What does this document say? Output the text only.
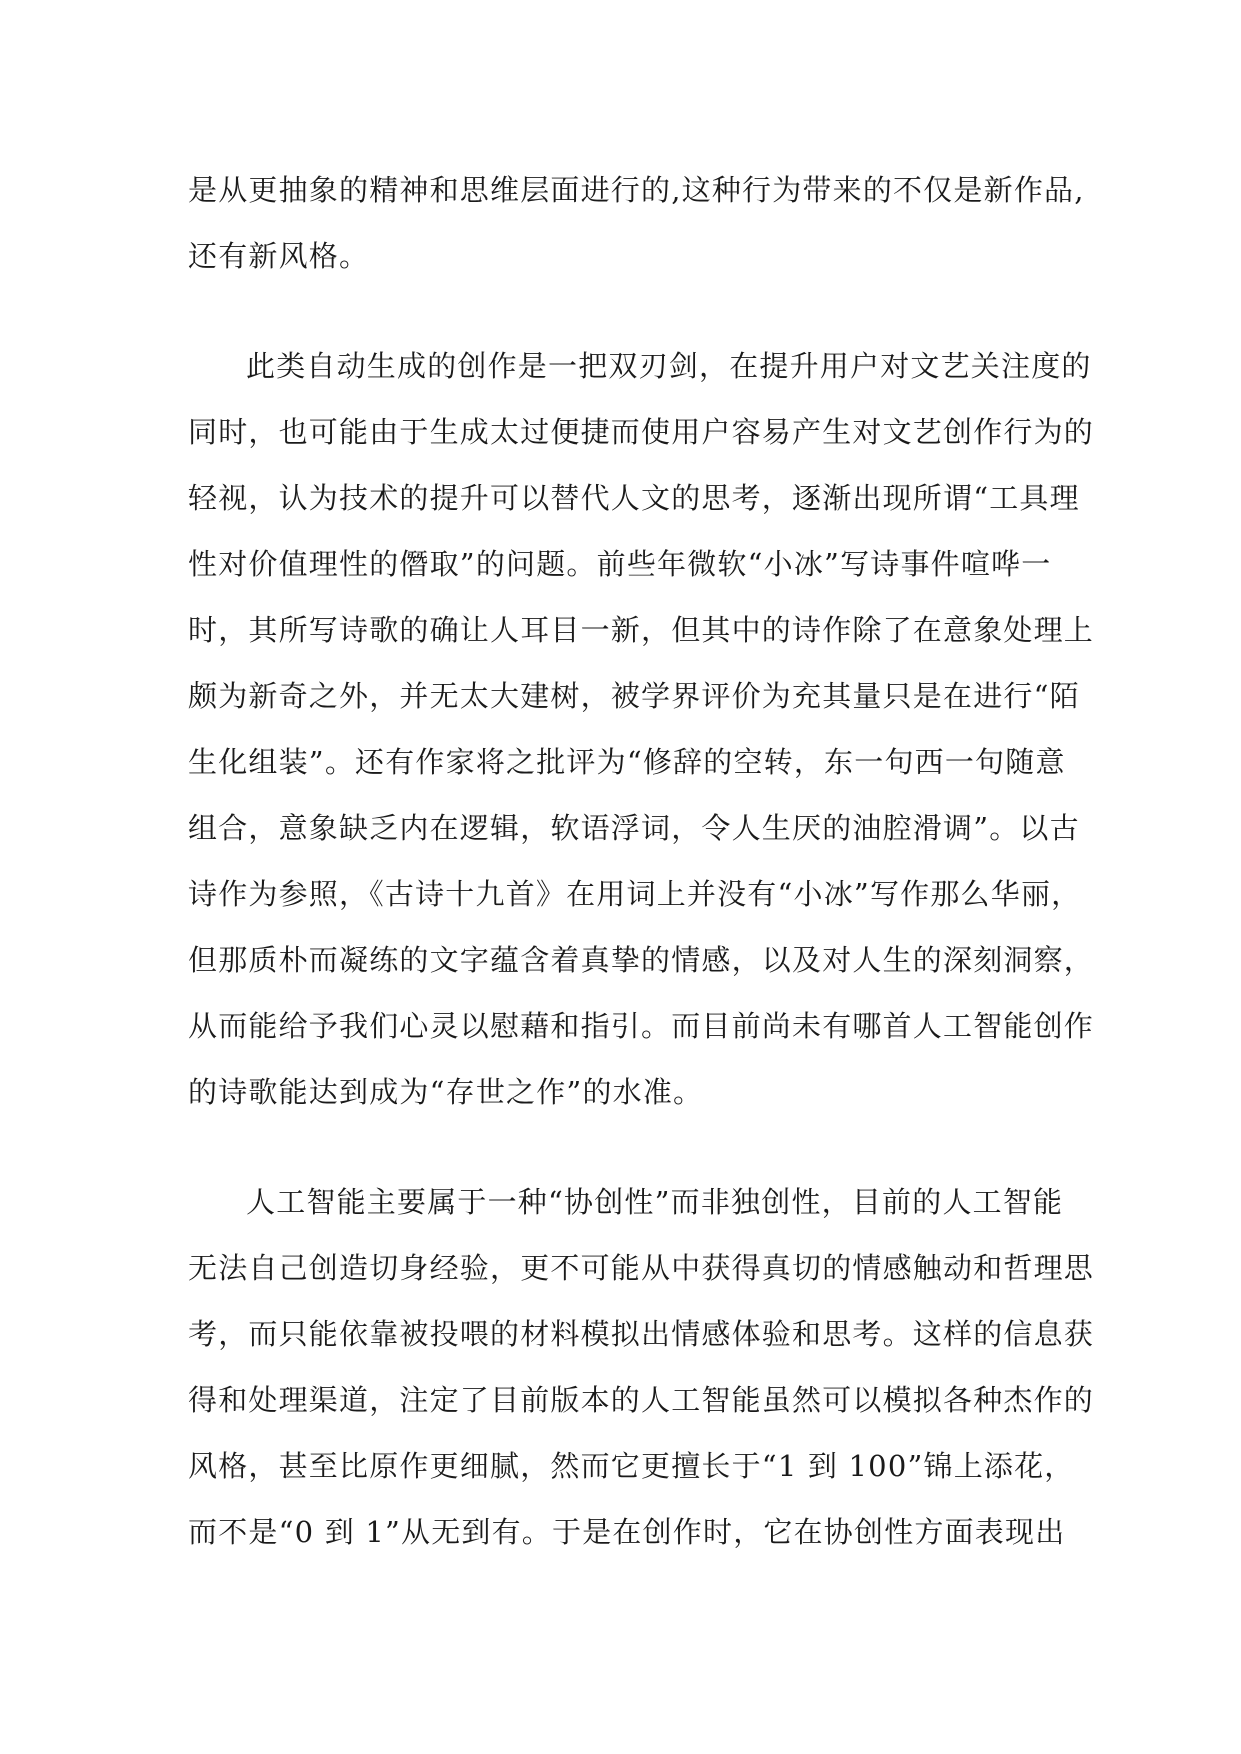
是从更抽象的精神和思维层面进行的,这种行为带来的不仅是新作品,
还有新风格。
此类自动生成的创作是一把双刃剑，在提升用户对文艺关注度的
同时，也可能由于生成太过便捷而使用户容易产生对文艺创作行为的
轻视，认为技术的提升可以替代人文的思考，逐渐出现所谓“工具理
性对价值理性的僭取”的问题。前些年微软“小冰”写诗事件喧哗一
时，其所写诗歌的确让人耳目一新，但其中的诗作除了在意象处理上
颇为新奇之外，并无太大建树，被学界评价为充其量只是在进行“陌
生化组装”。还有作家将之批评为“修辞的空转，东一句西一句随意
组合，意象缺乏内在逻辑，软语浮词，令人生厌的油腔滑调”。以古
诗作为参照，《古诗十九首》在用词上并没有“小冰”写作那么华丽，
但那质朴而凝练的文字蕴含着真挚的情感，以及对人生的深刻洞察，
从而能给予我们心灵以慰藉和指引。而目前尚未有哪首人工智能创作
的诗歌能达到成为“存世之作”的水准。
人工智能主要属于一种“协创性”而非独创性，目前的人工智能
无法自己创造切身经验，更不可能从中获得真切的情感触动和哲理思
考，而只能依靠被投喂的材料模拟出情感体验和思考。这样的信息获
得和处理渠道，注定了目前版本的人工智能虽然可以模拟各种杰作的
风格，甚至比原作更细腻，然而它更擅长于“1 到 100”锦上添花，
而不是“0 到 1”从无到有。于是在创作时，它在协创性方面表现出
